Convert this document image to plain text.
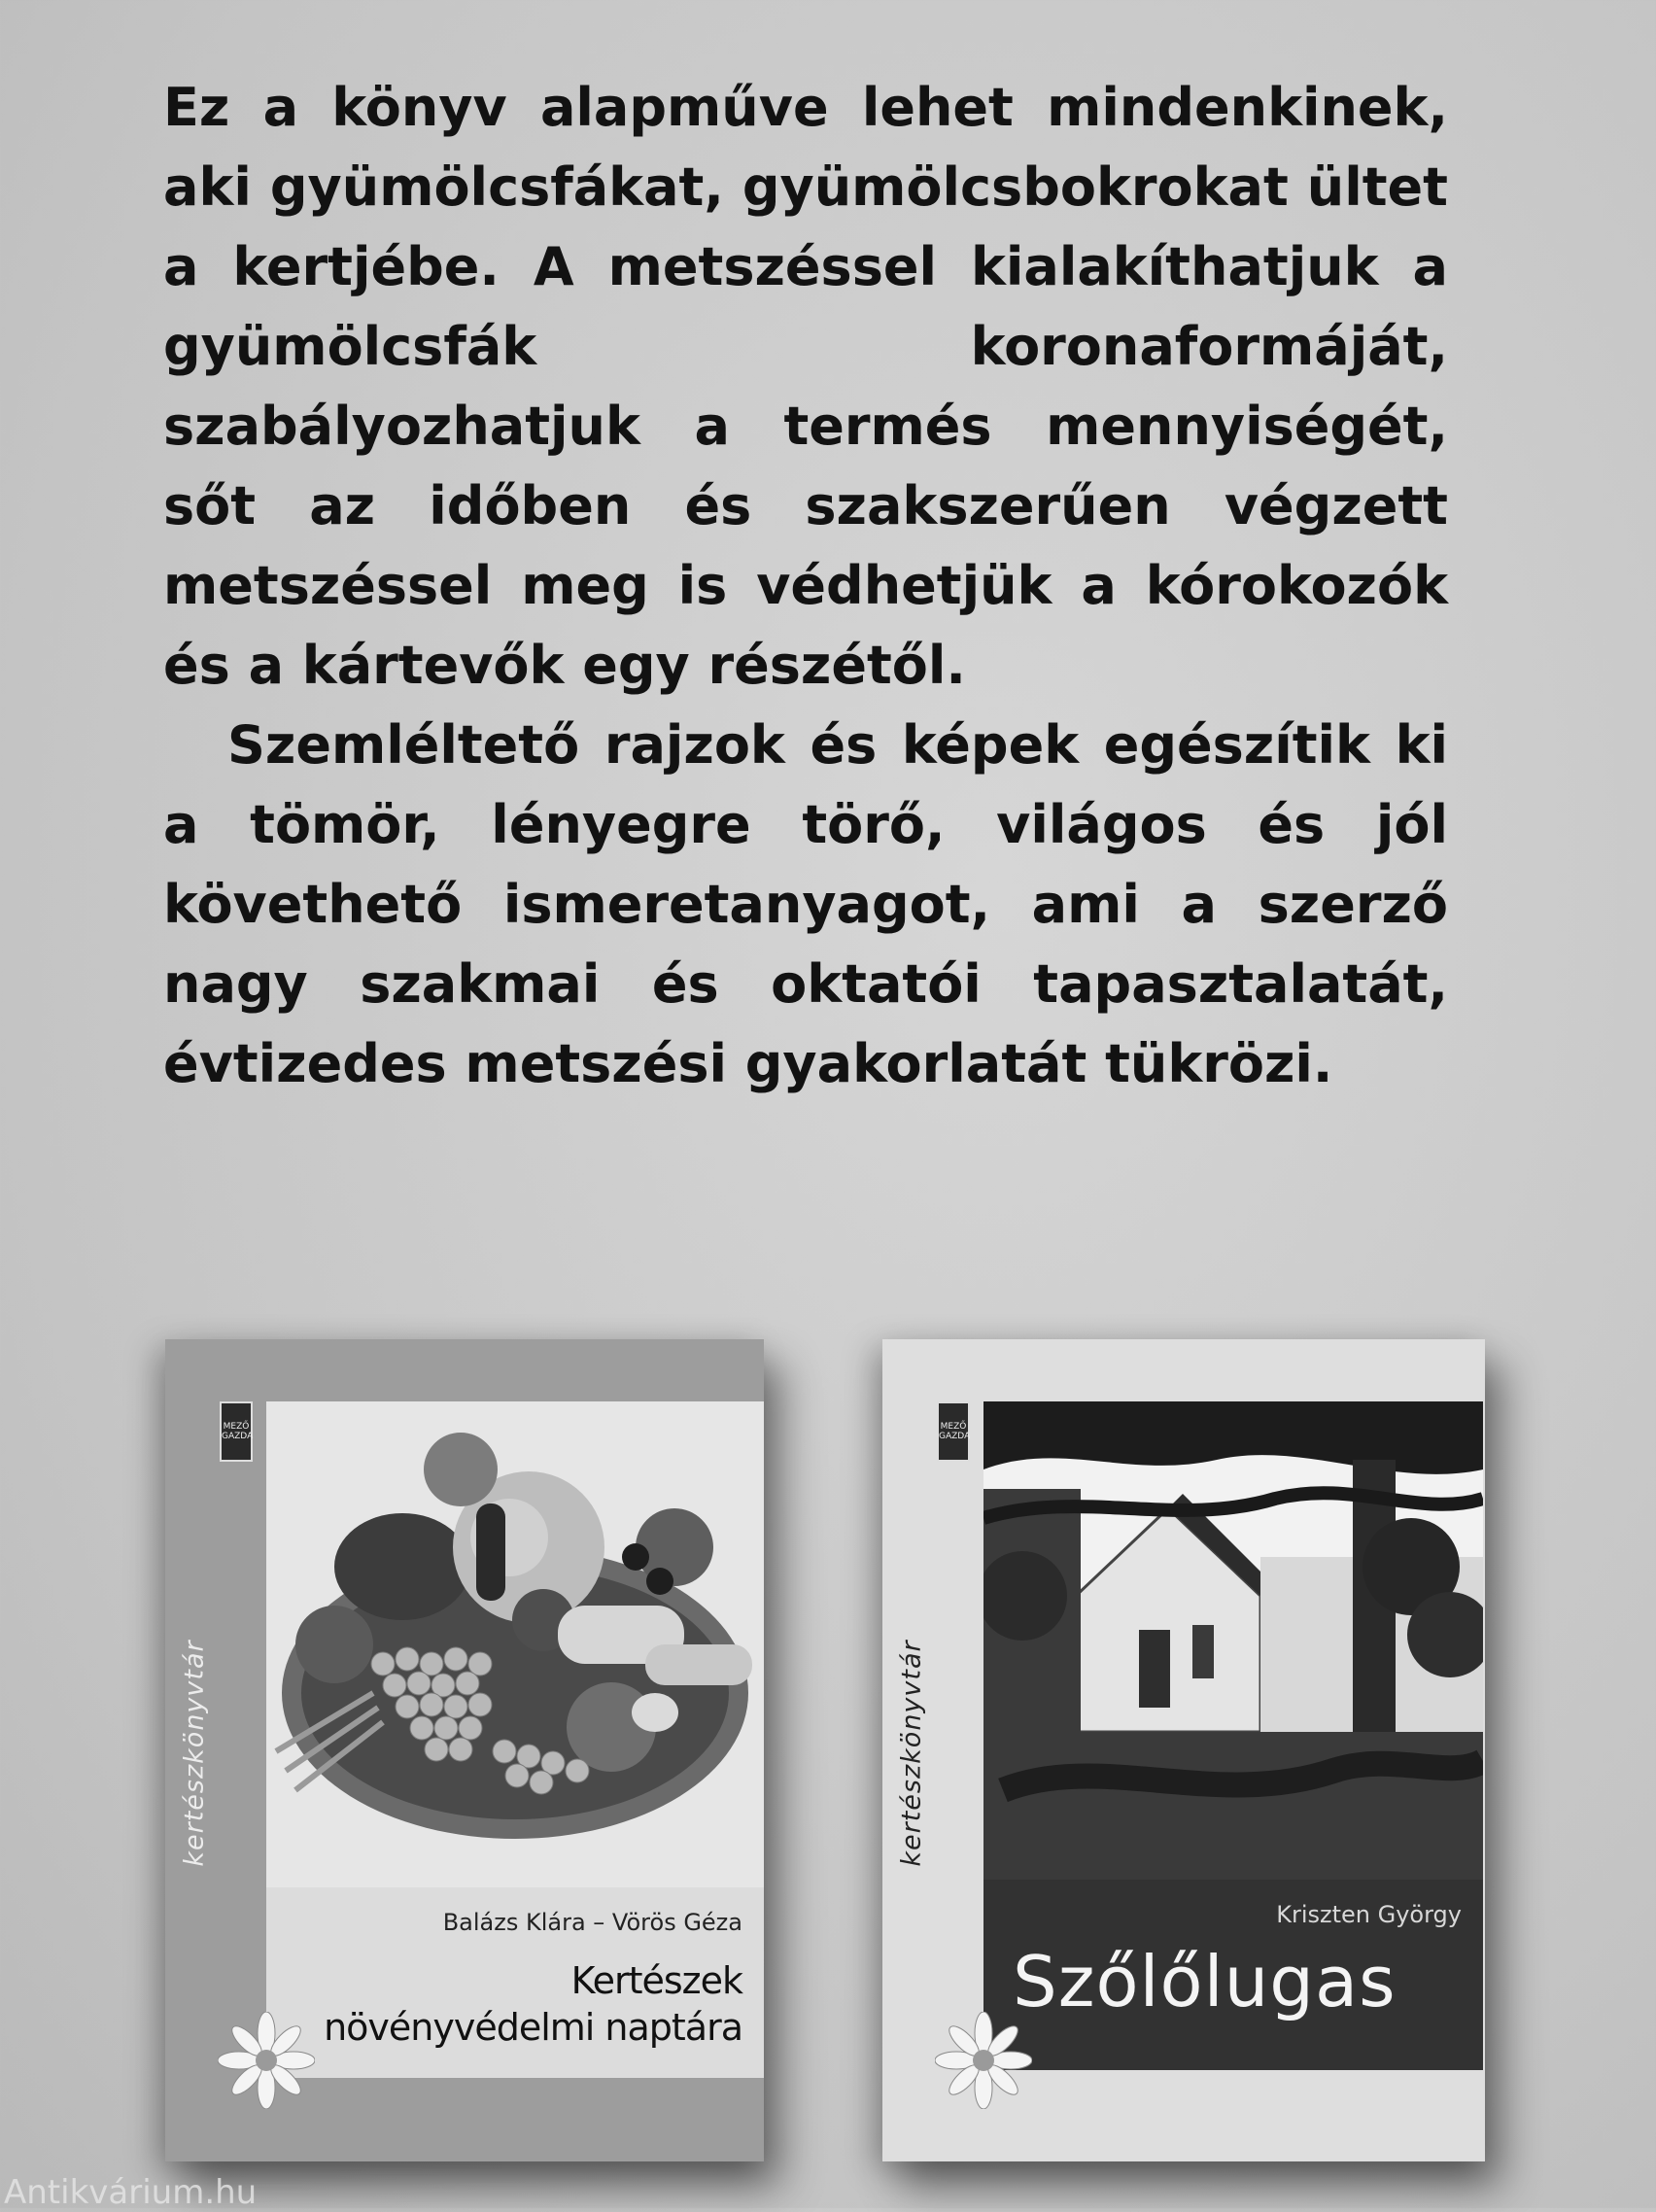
Ez a könyv alapműve lehet mindenkinek, aki gyümölcsfákat, gyümölcsbokrokat ültet a kertjébe. A metszéssel kialakíthatjuk a gyümölcsfák koronaformáját, szabályozhatjuk a termés mennyiségét, sőt az időben és szakszerűen végzett metszéssel meg is védhetjük a kórokozók és a kártevők egy részétől.

Szemléltető rajzok és képek egészítik ki a tömör, lényegre törő, világos és jól követhető ismeretanyagot, ami a szerző nagy szakmai és oktatói tapasztalatát, évtizedes metszési gyakorlatát tükrözi.

MEZŐ GAZDA
kertészkönyvtár
Balázs Klára – Vörös Géza
Kertészek
növényvédelmi naptára
MEZŐ GAZDA
kertészkönyvtár
Kriszten György
Szőlőlugas
Antikvárium.hu
